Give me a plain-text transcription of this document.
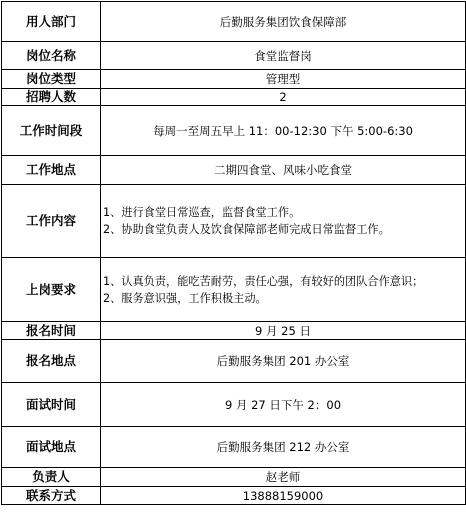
用人部门	后勤服务集团饮食保障部
岗位名称	食堂监督岗
岗位类型	管理型
招聘人数	2
工作时间段	每周一至周五早上 11：00-12:30 下午 5:00-6:30
工作地点	二期四食堂、风味小吃食堂
工作内容	1、进行食堂日常巡查，监督食堂工作。
2、协助食堂负责人及饮食保障部老师完成日常监督工作。

上岗要求	1、认真负责，能吃苦耐劳，责任心强，有较好的团队合作意识；
2、服务意识强，工作积极主动。

报名时间	9 月 25 日
报名地点	后勤服务集团 201 办公室
面试时间	9 月 27 日下午 2：00
面试地点	后勤服务集团 212 办公室
负责人	赵老师
联系方式	13888159000
